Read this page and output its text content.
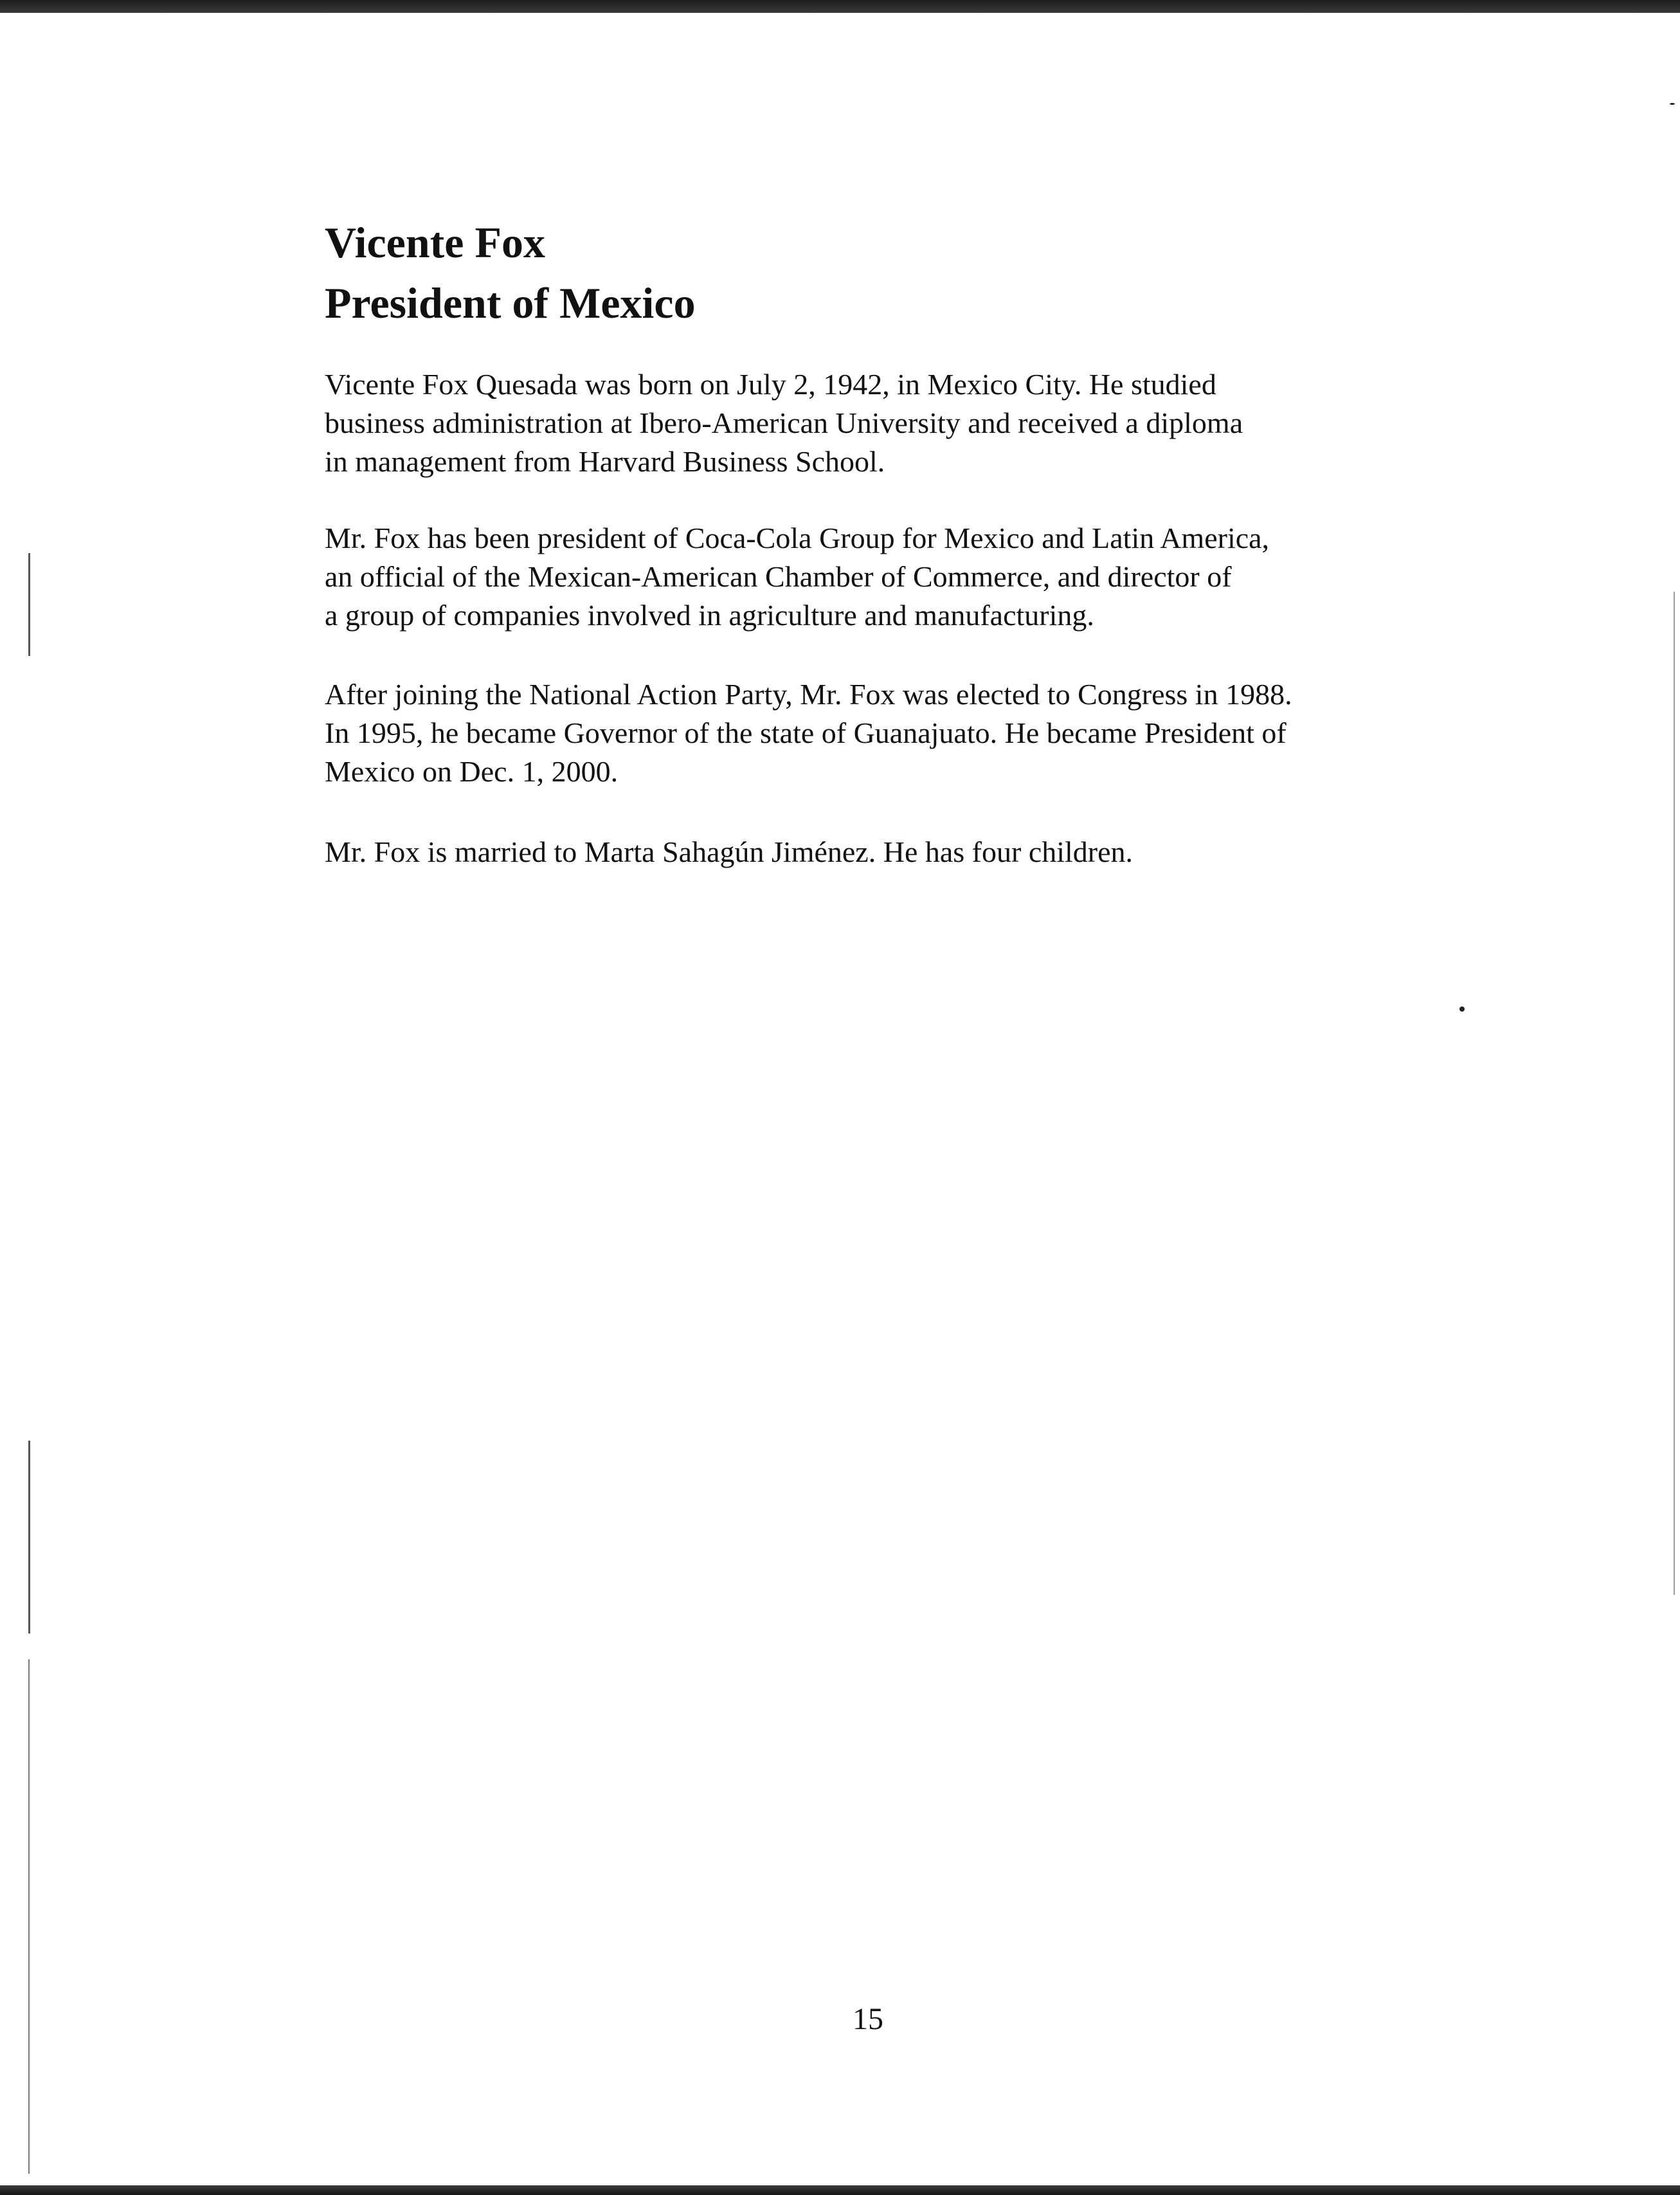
Vicente Fox
President of Mexico
Vicente Fox Quesada was born on July 2, 1942, in Mexico City. He studied
business administration at Ibero-American University and received a diploma
in management from Harvard Business School.
Mr. Fox has been president of Coca-Cola Group for Mexico and Latin America,
an official of the Mexican-American Chamber of Commerce, and director of
a group of companies involved in agriculture and manufacturing.
After joining the National Action Party, Mr. Fox was elected to Congress in 1988.
In 1995, he became Governor of the state of Guanajuato. He became President of
Mexico on Dec. 1, 2000.
Mr. Fox is married to Marta Sahagún Jiménez. He has four children.
15
